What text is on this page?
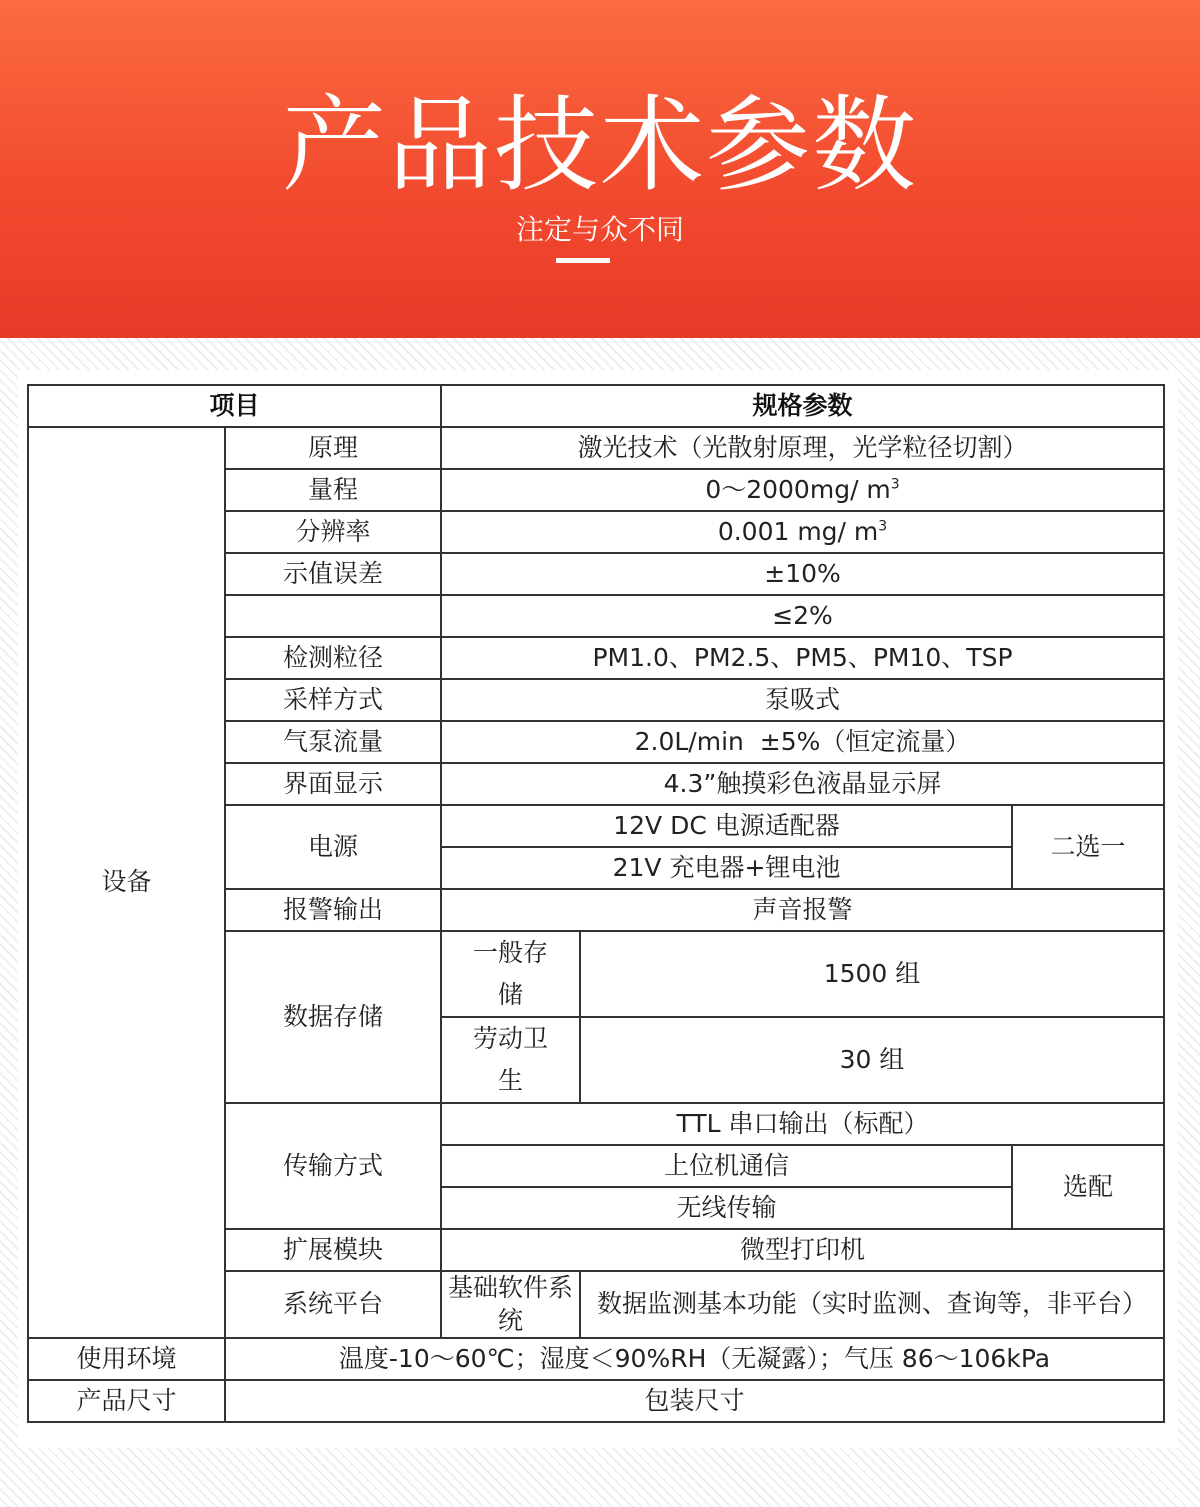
产品技术参数
注定与众不同
项目		规格参数		
设备	原理	激光技术（光散射原理，光学粒径切割）		
	量程	0～2000mg/ $m^3$
	分辨率	0.001 mg/ $m^3$
	示值误差	±10%		
		≤2%		
	检测粒径	PM1.0、PM2.5、PM5、PM10、TSP		
	采样方式	泵吸式		
	气泵流量	2.0L/min  ±5%（恒定流量）		
	界面显示	4.3”触摸彩色液晶显示屏		
	电源	12V DC 电源适配器		二选一
		21V 充电器+锂电池		
	报警输出	声音报警		
	数据存储	一般存储	1500 组	

		劳动卫生	30 组	

	传输方式	TTL 串口输出（标配）		
		上位机通信		选配
		无线传输		
	扩展模块	微型打印机		
	系统平台	基础软件系统	数据监测基本功能（实时监测、查询等，非平台）	
使用环境	温度-10～60℃；湿度＜90%RH（无凝露）；气压 86～106kPa			
产品尺寸	包装尺寸			
